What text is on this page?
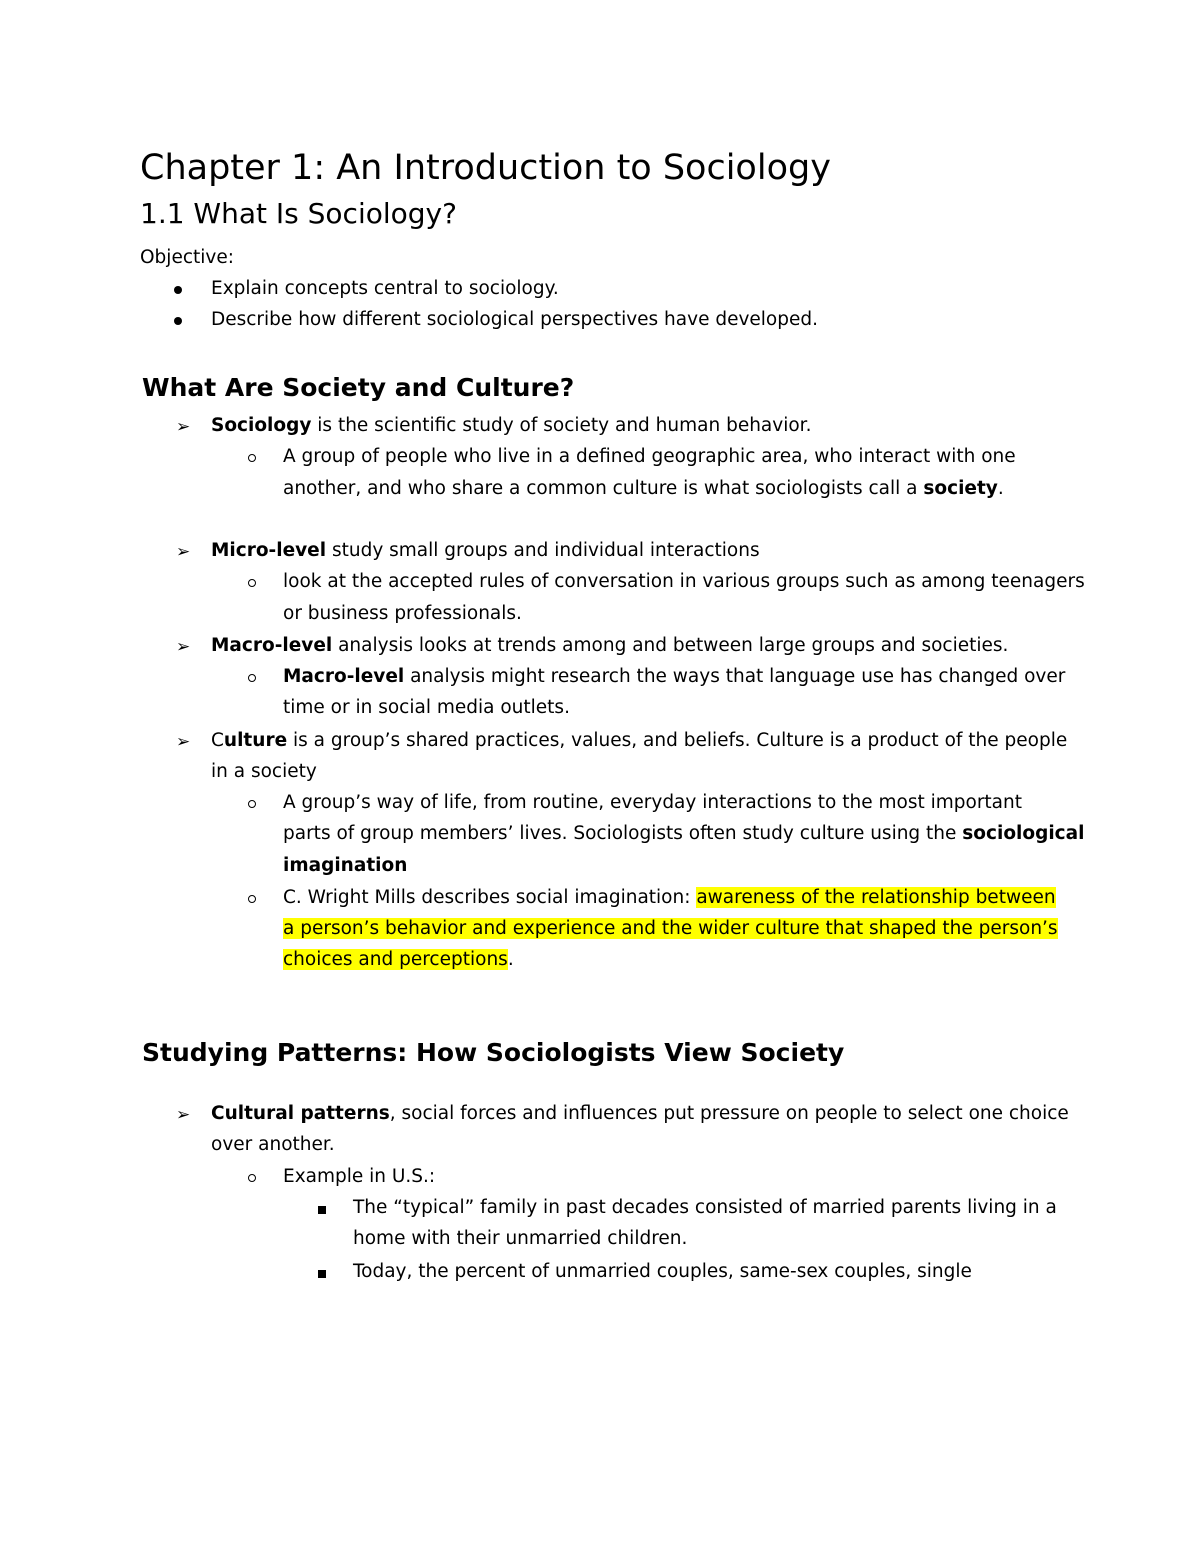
Chapter 1: An Introduction to Sociology
1.1 What Is Sociology?
Objective:
Explain concepts central to sociology.
Describe how different sociological perspectives have developed.
What Are Society and Culture?
➢ Sociology is the scientific study of society and human behavior.
A group of people who live in a defined geographic area, who interact with one
another, and who share a common culture is what sociologists call a society.
➢ Micro-level study small groups and individual interactions
look at the accepted rules of conversation in various groups such as among teenagers
or business professionals.
➢ Macro-level analysis looks at trends among and between large groups and societies.
Macro-level analysis might research the ways that language use has changed over
time or in social media outlets.
➢ Culture is a group’s shared practices, values, and beliefs. Culture is a product of the people
in a society
A group’s way of life, from routine, everyday interactions to the most important
parts of group members’ lives. Sociologists often study culture using the sociological
imagination
C. Wright Mills describes social imagination: awareness of the relationship between
a person’s behavior and experience and the wider culture that shaped the person’s
choices and perceptions.
Studying Patterns: How Sociologists View Society
➢ Cultural patterns, social forces and influences put pressure on people to select one choice
over another.
Example in U.S.:
The “typical” family in past decades consisted of married parents living in a
home with their unmarried children.
Today, the percent of unmarried couples, same-sex couples, single
